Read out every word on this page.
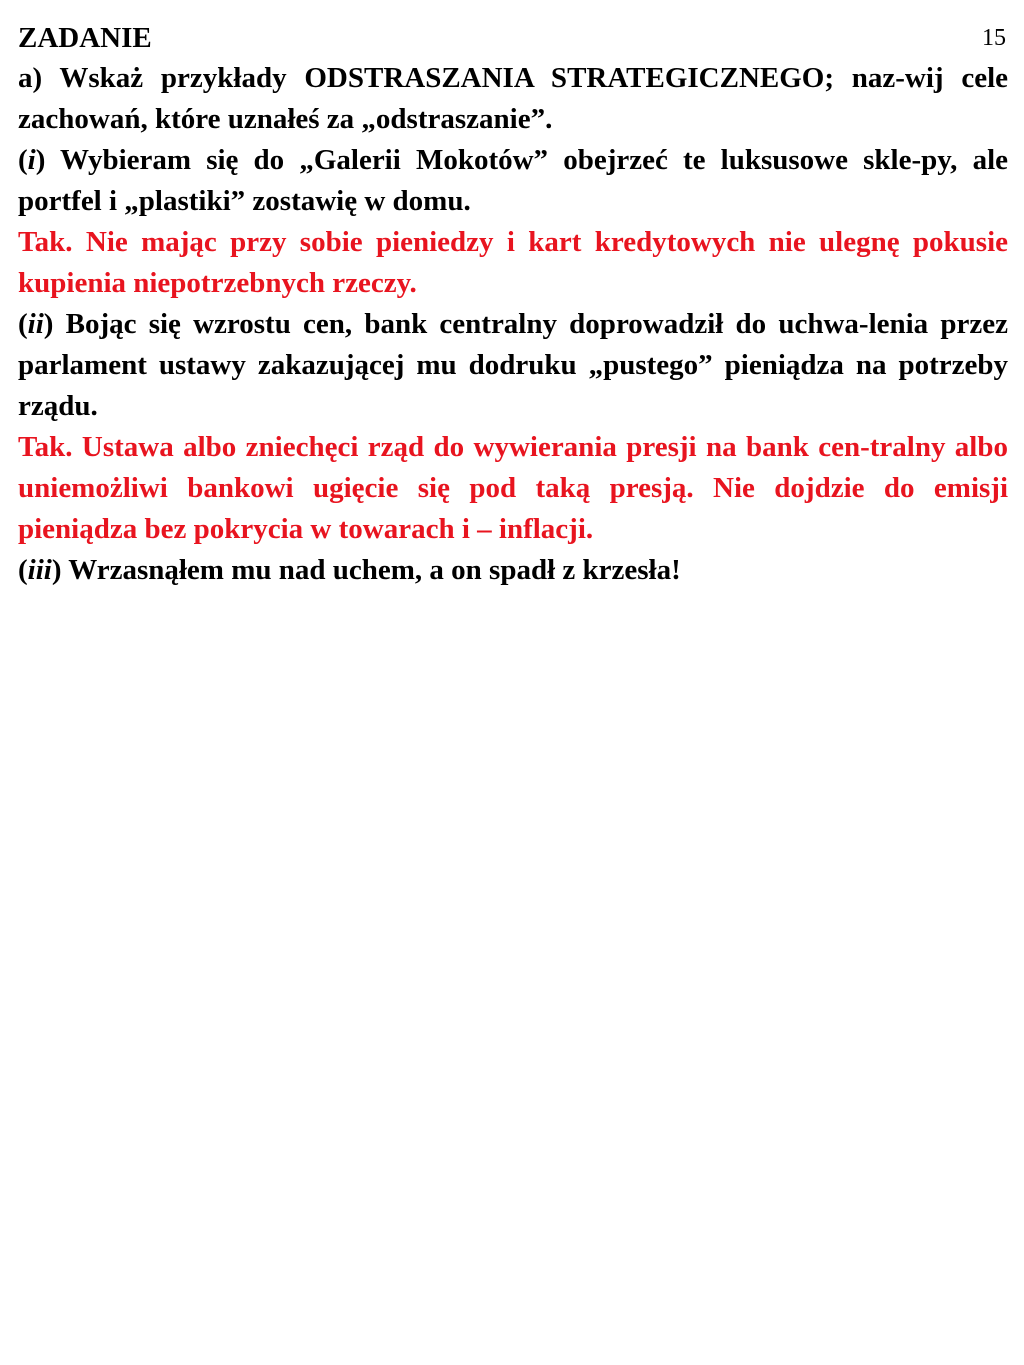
ZADANIE	15

a) Wskaż przykłady ODSTRASZANIA STRATEGICZNEGO; naz-wij cele zachowań, które uznałeś za „odstraszanie”.

(i) Wybieram się do „Galerii Mokotów” obejrzeć te luksusowe skle-py, ale portfel i „plastiki” zostawię w domu.

Tak. Nie mając przy sobie pieniedzy i kart kredytowych nie ulegnę pokusie kupienia niepotrzebnych rzeczy.

(ii) Bojąc się wzrostu cen, bank centralny doprowadził do uchwa-lenia przez parlament ustawy zakazującej mu dodruku „pustego” pieniądza na potrzeby rządu.

Tak. Ustawa albo zniechęci rząd do wywierania presji na bank cen-tralny albo uniemożliwi bankowi ugięcie się pod taką presją. Nie dojdzie do emisji pieniądza bez pokrycia w towarach i – inflacji.

(iii) Wrzasnąłem mu nad uchem, a on spadł z krzesła!
